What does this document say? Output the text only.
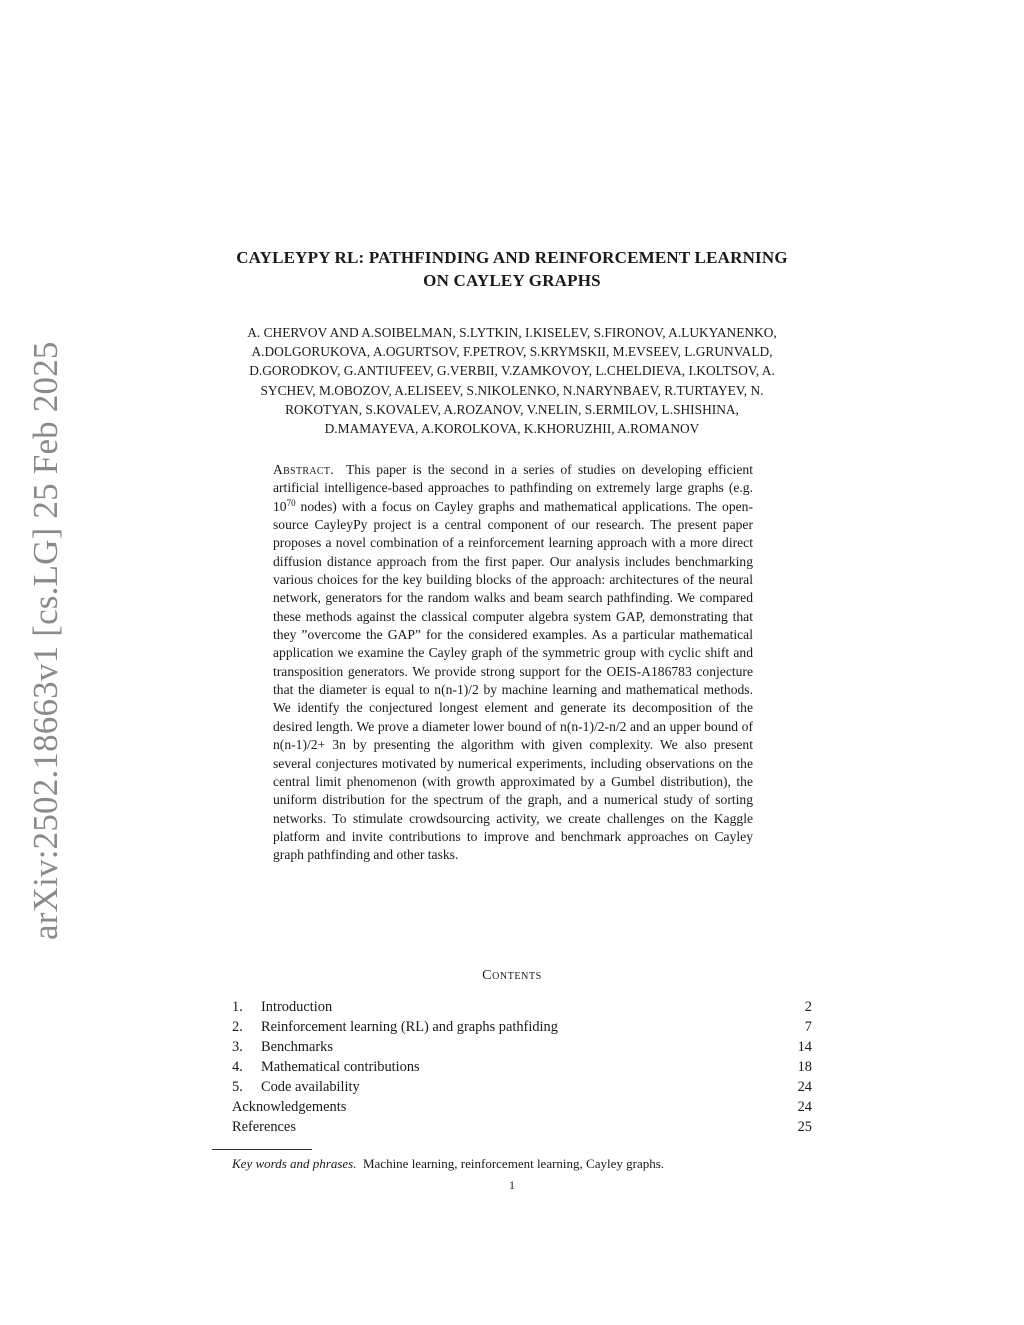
arXiv:2502.18663v1 [cs.LG] 25 Feb 2025
CAYLEYPY RL: PATHFINDING AND REINFORCEMENT LEARNING
ON CAYLEY GRAPHS
A. CHERVOV AND A.SOIBELMAN, S.LYTKIN, I.KISELEV, S.FIRONOV, A.LUKYANENKO,
A.DOLGORUKOVA, A.OGURTSOV, F.PETROV, S.KRYMSKII, M.EVSEEV, L.GRUNVALD,
D.GORODKOV, G.ANTIUFEEV, G.VERBII, V.ZAMKOVOY, L.CHELDIEVA, I.KOLTSOV, A.
SYCHEV, M.OBOZOV, A.ELISEEV, S.NIKOLENKO, N.NARYNBAEV, R.TURTAYEV, N.
ROKOTYAN, S.KOVALEV, A.ROZANOV, V.NELIN, S.ERMILOV, L.SHISHINA,
D.MAMAYEVA, A.KOROLKOVA, K.KHORUZHII, A.ROMANOV
Abstract. This paper is the second in a series of studies on developing efficient artificial intelligence-based approaches to pathfinding on extremely large graphs (e.g. $10^{70}$ nodes) with a focus on Cayley graphs and mathematical applications. The open-source CayleyPy project is a central component of our research. The present paper proposes a novel combination of a reinforcement learning approach with a more direct diffusion distance approach from the first paper. Our analysis includes benchmarking various choices for the key building blocks of the approach: architectures of the neural network, generators for the random walks and beam search pathfinding. We compared these methods against the classical computer algebra system GAP, demonstrating that they ”overcome the GAP” for the considered examples. As a particular mathematical application we examine the Cayley graph of the symmetric group with cyclic shift and transposition generators. We provide strong support for the OEIS-A186783 conjecture that the diameter is equal to n(n-1)/2 by machine learning and mathematical methods. We identify the conjectured longest element and generate its decomposition of the desired length. We prove a diameter lower bound of n(n-1)/2-n/2 and an upper bound of n(n-1)/2+ 3n by presenting the algorithm with given complexity. We also present several conjectures motivated by numerical experiments, including observations on the central limit phenomenon (with growth approximated by a Gumbel distribution), the uniform distribution for the spectrum of the graph, and a numerical study of sorting networks. To stimulate crowdsourcing activity, we create challenges on the Kaggle platform and invite contributions to improve and benchmark approaches on Cayley graph pathfinding and other tasks.
Contents
1.	Introduction	2
2.	Reinforcement learning (RL) and graphs pathfiding	7
3.	Benchmarks	14
4.	Mathematical contributions	18
5.	Code availability	24
Acknowledgements	24
References	25
Key words and phrases. Machine learning, reinforcement learning, Cayley graphs.
1
